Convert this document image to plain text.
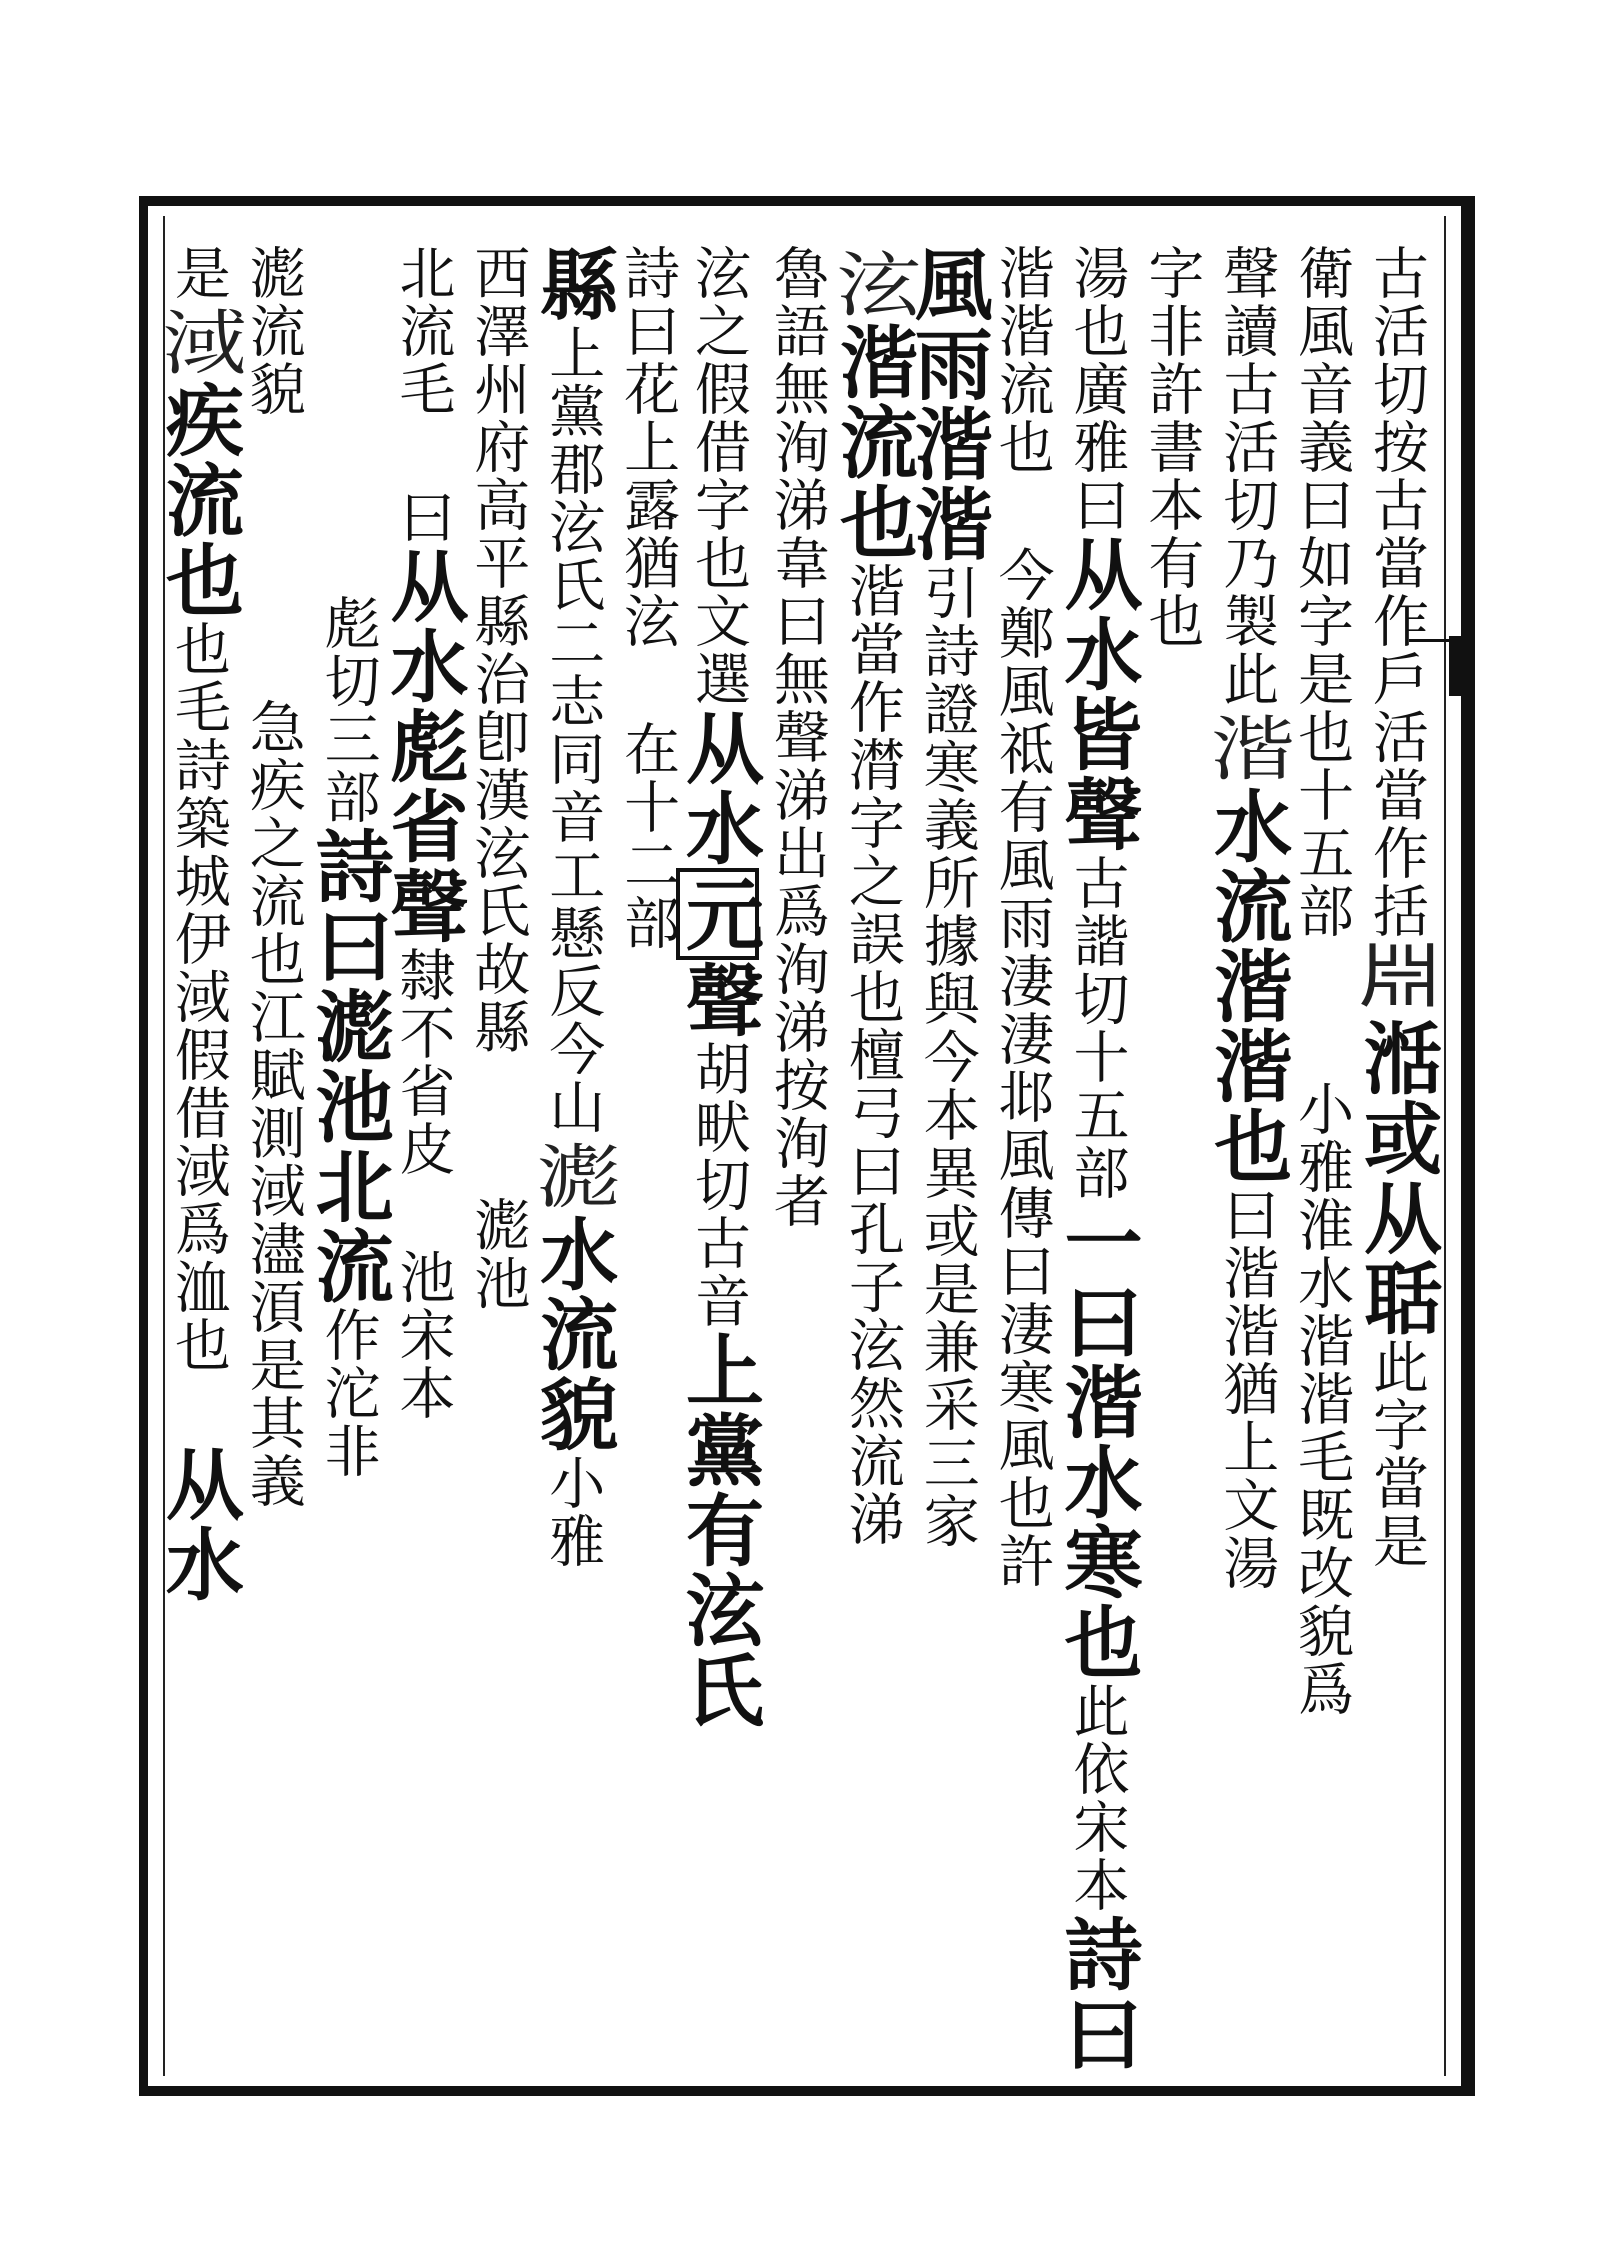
古活切按古當作戶活當作括𣶒湉或从聒此字當是
衛風音義曰如字是也十五部小雅淮水湝湝毛既改貌爲
聲讀古活切乃製此湝水流湝湝也曰湝湝猶上文湯
字非許書本有也
湯也廣雅曰从水皆聲古諧切十五部一曰湝水寒也此依宋本詩曰
湝湝流也今鄭風祗有風雨淒淒邶風傳曰淒寒風也許
風雨湝湝引詩證寒義所據與今本異或是兼采三家
泫湝流也湝當作潸字之誤也檀弓曰孔子泫然流涕
魯語無洵涕韋曰無聲涕出爲洵涕按洵者
泫之假借字也文選从水元聲胡畎切古音上黨有泫氏
詩曰花上露猶泫在十二部
縣上黨郡泫氏二志同音工懸反今山滮水流貌小雅
西澤州府高平縣治卽漢泫氏故縣滮池
北流毛曰从水彪省聲隸不省皮池宋本
彪切三部詩曰滮池北流作沱非
滮流貌急疾之流也江賦測淢濜湏是其義
是淢疾流也也毛詩築城伊淢假借淢爲洫也从水
